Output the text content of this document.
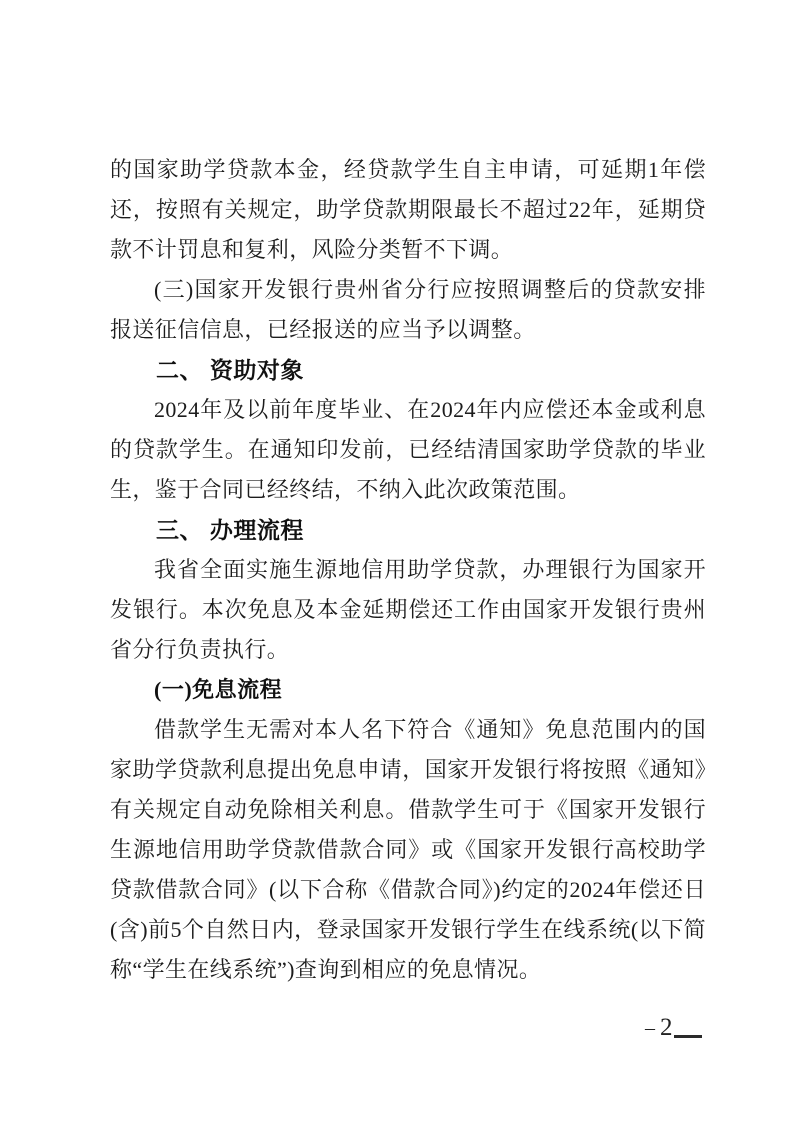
的国家助学贷款本金，经贷款学生自主申请，可延期1年偿还，按照有关规定，助学贷款期限最长不超过22年，延期贷款不计罚息和复利，风险分类暂不下调。

(三)国家开发银行贵州省分行应按照调整后的贷款安排报送征信信息，已经报送的应当予以调整。

二、 资助对象

2024年及以前年度毕业、在2024年内应偿还本金或利息的贷款学生。在通知印发前，已经结清国家助学贷款的毕业生，鉴于合同已经终结，不纳入此次政策范围。

三、 办理流程

我省全面实施生源地信用助学贷款，办理银行为国家开发银行。本次免息及本金延期偿还工作由国家开发银行贵州省分行负责执行。

(一)免息流程

借款学生无需对本人名下符合《通知》免息范围内的国家助学贷款利息提出免息申请，国家开发银行将按照《通知》有关规定自动免除相关利息。借款学生可于《国家开发银行生源地信用助学贷款借款合同》或《国家开发银行高校助学贷款借款合同》(以下合称《借款合同》)约定的2024年偿还日(含)前5个自然日内，登录国家开发银行学生在线系统(以下简称“学生在线系统”)查询到相应的免息情况。

– 2
